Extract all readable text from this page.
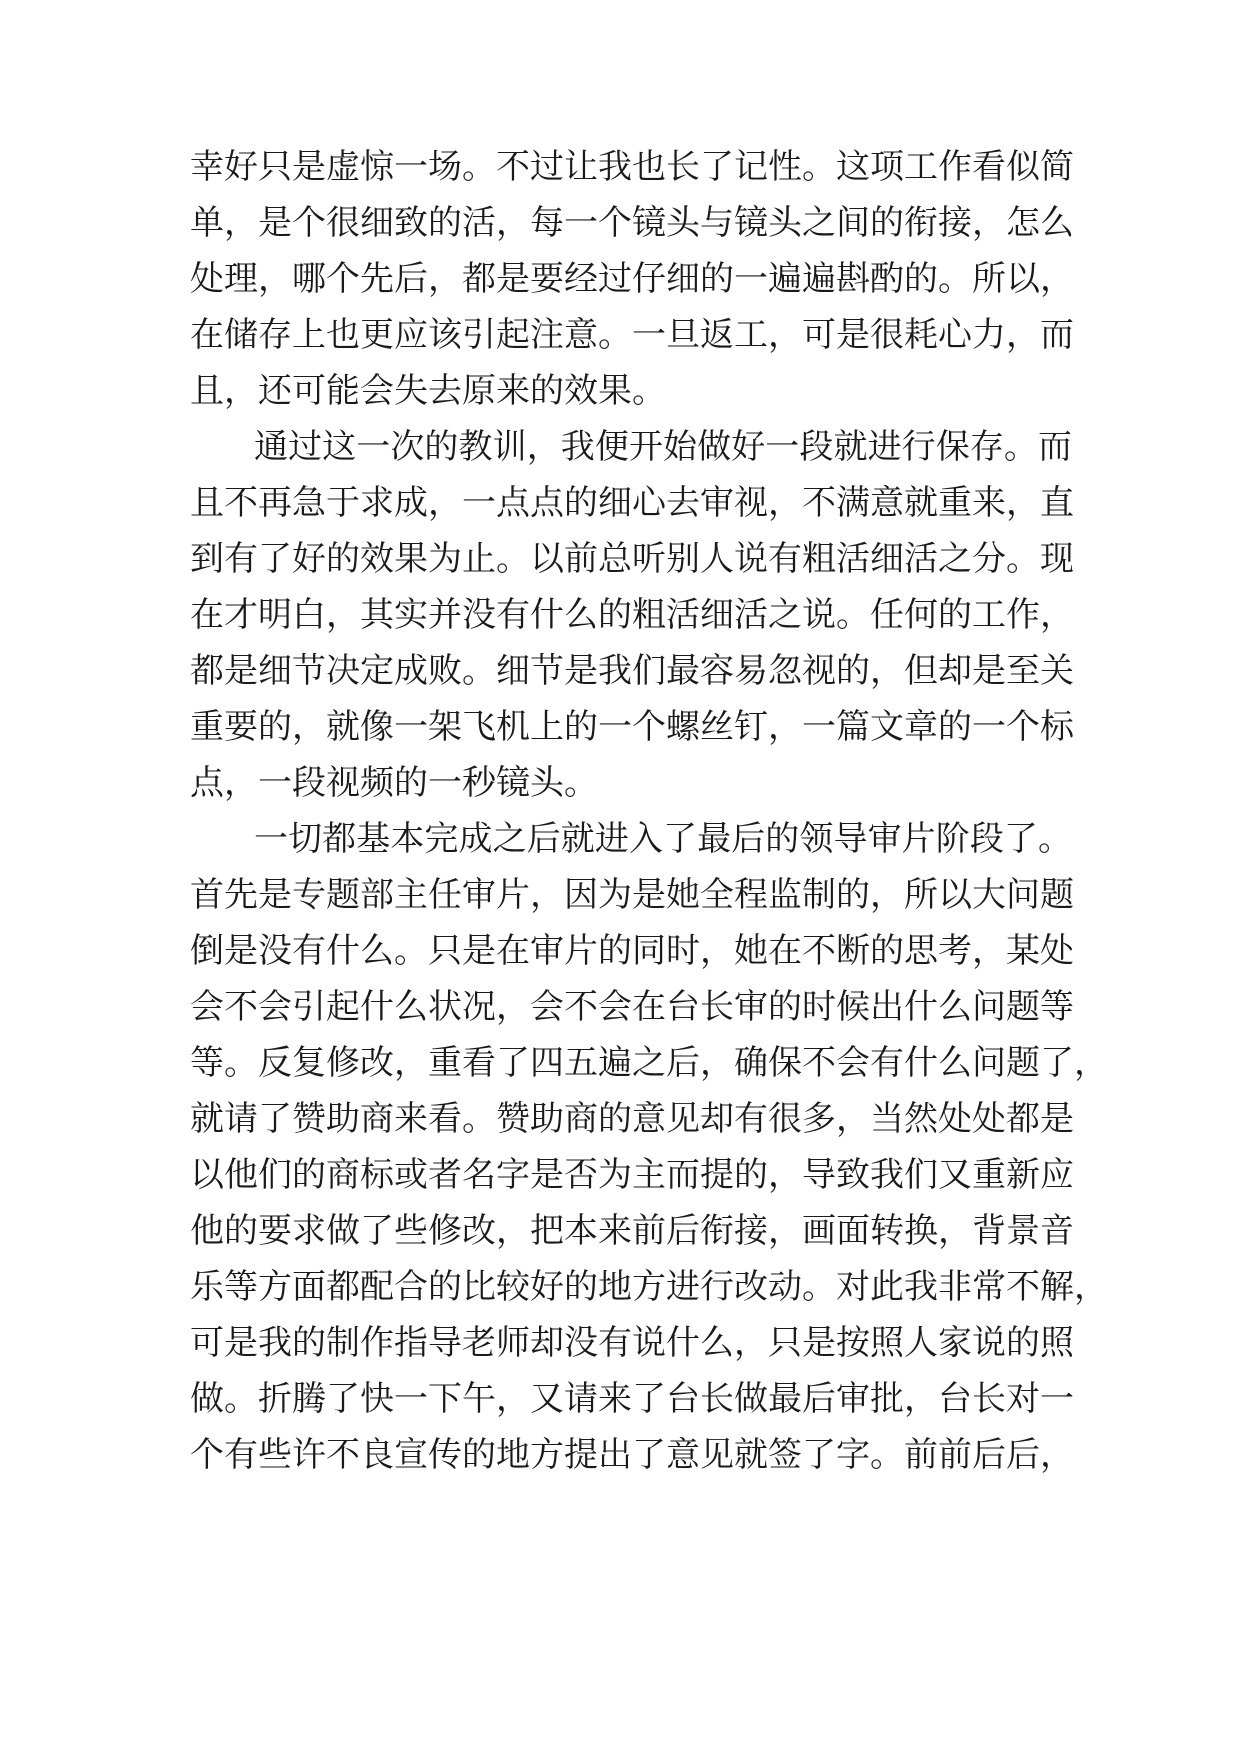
幸好只是虚惊一场。不过让我也长了记性。这项工作看似简
单，是个很细致的活，每一个镜头与镜头之间的衔接，怎么
处理，哪个先后，都是要经过仔细的一遍遍斟酌的。所以，
在储存上也更应该引起注意。一旦返工，可是很耗心力，而
且，还可能会失去原来的效果。
通过这一次的教训，我便开始做好一段就进行保存。而
且不再急于求成，一点点的细心去审视，不满意就重来，直
到有了好的效果为止。以前总听别人说有粗活细活之分。现
在才明白，其实并没有什么的粗活细活之说。任何的工作，
都是细节决定成败。细节是我们最容易忽视的，但却是至关
重要的，就像一架飞机上的一个螺丝钉，一篇文章的一个标
点，一段视频的一秒镜头。
一切都基本完成之后就进入了最后的领导审片阶段了。
首先是专题部主任审片，因为是她全程监制的，所以大问题
倒是没有什么。只是在审片的同时，她在不断的思考，某处
会不会引起什么状况，会不会在台长审的时候出什么问题等
等。反复修改，重看了四五遍之后，确保不会有什么问题了，
就请了赞助商来看。赞助商的意见却有很多，当然处处都是
以他们的商标或者名字是否为主而提的，导致我们又重新应
他的要求做了些修改，把本来前后衔接，画面转换，背景音
乐等方面都配合的比较好的地方进行改动。对此我非常不解，
可是我的制作指导老师却没有说什么，只是按照人家说的照
做。折腾了快一下午，又请来了台长做最后审批，台长对一
个有些许不良宣传的地方提出了意见就签了字。前前后后，
